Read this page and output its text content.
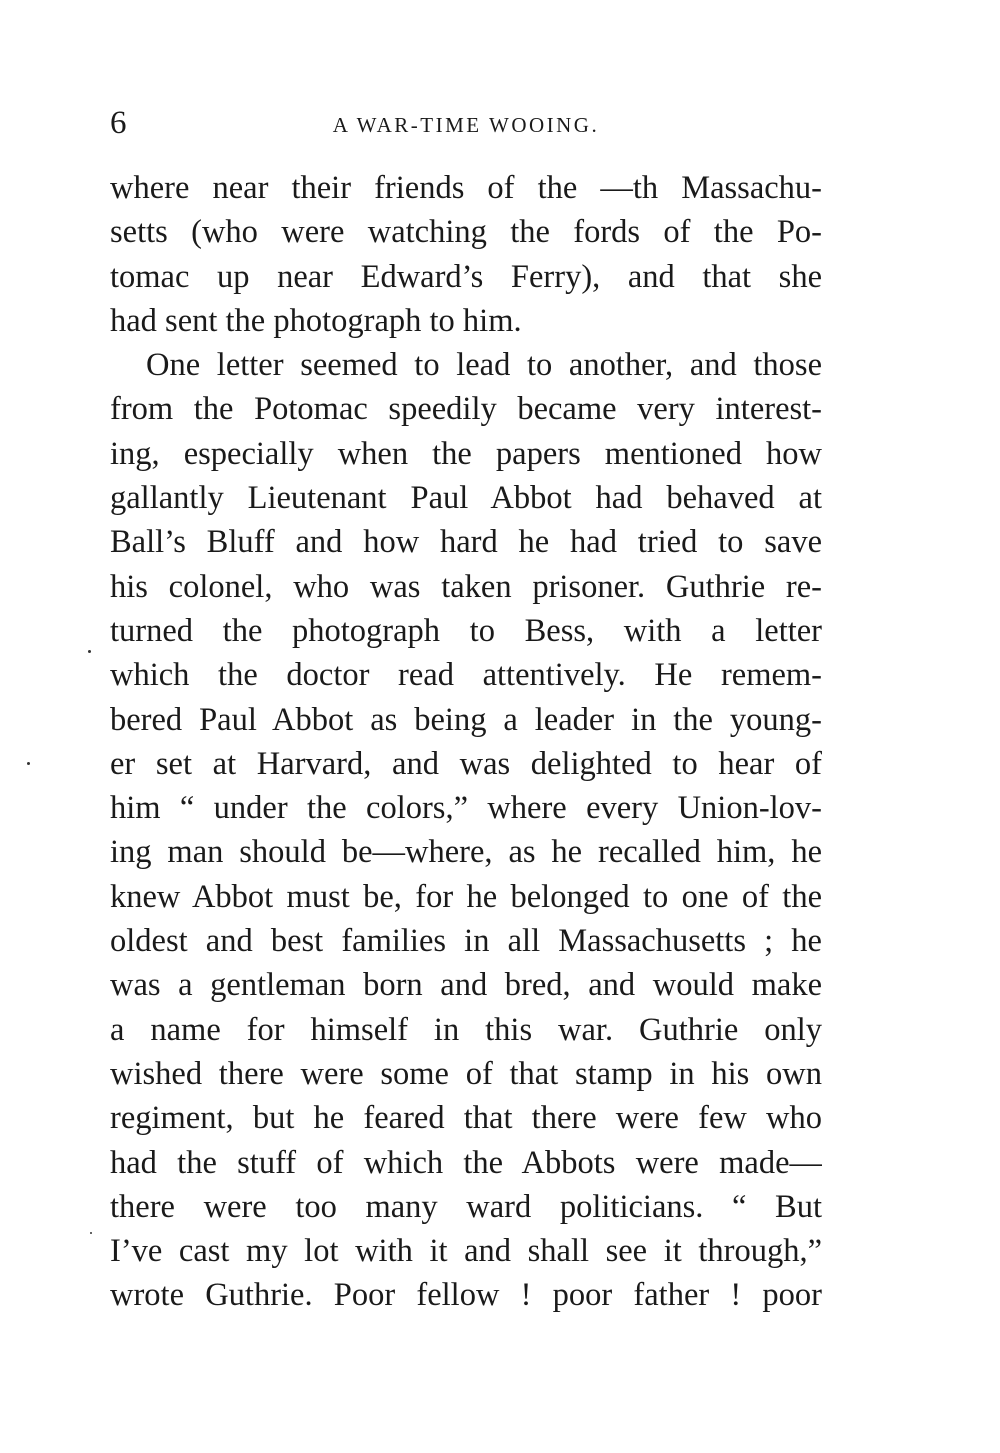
6	A WAR-TIME WOOING.
where near their friends of the —th Massachu-
setts (who were watching the fords of the Po-
tomac up near Edward’s Ferry), and that she
had sent the photograph to him.
One letter seemed to lead to another, and those
from the Potomac speedily became very interest-
ing, especially when the papers mentioned how
gallantly Lieutenant Paul Abbot had behaved at
Ball’s Bluff and how hard he had tried to save
his colonel, who was taken prisoner. Guthrie re-
turned the photograph to Bess, with a letter
which the doctor read attentively. He remem-
bered Paul Abbot as being a leader in the young-
er set at Harvard, and was delighted to hear of
him “ under the colors,” where every Union-lov-
ing man should be—where, as he recalled him, he
knew Abbot must be, for he belonged to one of the
oldest and best families in all Massachusetts ; he
was a gentleman born and bred, and would make
a name for himself in this war. Guthrie only
wished there were some of that stamp in his own
regiment, but he feared that there were few who
had the stuff of which the Abbots were made—
there were too many ward politicians. “ But
I’ve cast my lot with it and shall see it through,”
wrote Guthrie. Poor fellow ! poor father ! poor
